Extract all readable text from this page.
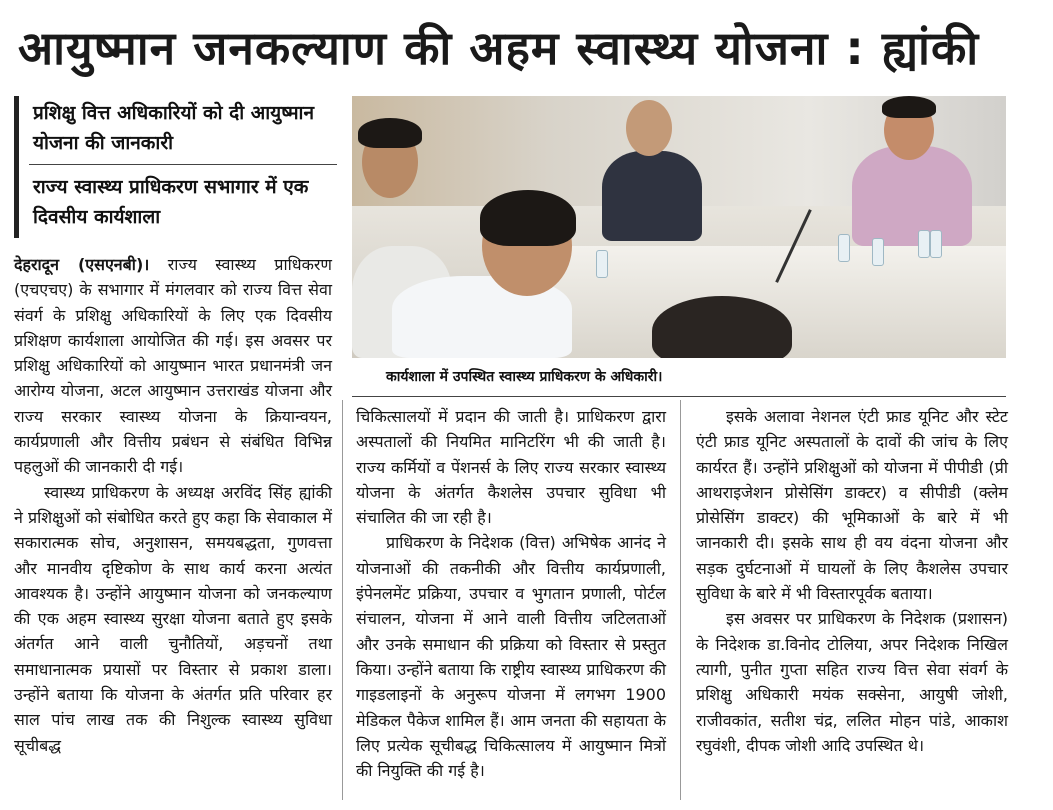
आयुष्मान जनकल्याण की अहम स्वास्थ्य योजना : ह्यांकी
प्रशिक्षु वित्त अधिकारियों को दी आयुष्मान योजना की जानकारी
राज्य स्वास्थ्य प्राधिकरण सभागार में एक दिवसीय कार्यशाला
कार्यशाला में उपस्थित स्वास्थ्य प्राधिकरण के अधिकारी।

देहरादून (एसएनबी)। राज्य स्वास्थ्य प्राधिकरण (एचएचए) के सभागार में मंगलवार को राज्य वित्त सेवा संवर्ग के प्रशिक्षु अधिकारियों के लिए एक दिवसीय प्रशिक्षण कार्यशाला आयोजित की गई। इस अवसर पर प्रशिक्षु अधिकारियों को आयुष्मान भारत प्रधानमंत्री जन आरोग्य योजना, अटल आयुष्मान उत्तराखंड योजना और राज्य सरकार स्वास्थ्य योजना के क्रियान्वयन, कार्यप्रणाली और वित्तीय प्रबंधन से संबंधित विभिन्न पहलुओं की जानकारी दी गई।

स्वास्थ्य प्राधिकरण के अध्यक्ष अरविंद सिंह ह्यांकी ने प्रशिक्षुओं को संबोधित करते हुए कहा कि सेवाकाल में सकारात्मक सोच, अनुशासन, समयबद्धता, गुणवत्ता और मानवीय दृष्टिकोण के साथ कार्य करना अत्यंत आवश्यक है। उन्होंने आयुष्मान योजना को जनकल्याण की एक अहम स्वास्थ्य सुरक्षा योजना बताते हुए इसके अंतर्गत आने वाली चुनौतियों, अड़चनों तथा समाधानात्मक प्रयासों पर विस्तार से प्रकाश डाला। उन्होंने बताया कि योजना के अंतर्गत प्रति परिवार हर साल पांच लाख तक की निशुल्क स्वास्थ्य सुविधा सूचीबद्ध

चिकित्सालयों में प्रदान की जाती है। प्राधिकरण द्वारा अस्पतालों की नियमित मानिटरिंग भी की जाती है। राज्य कर्मियों व पेंशनर्स के लिए राज्य सरकार स्वास्थ्य योजना के अंतर्गत कैशलेस उपचार सुविधा भी संचालित की जा रही है।

प्राधिकरण के निदेशक (वित्त) अभिषेक आनंद ने योजनाओं की तकनीकी और वित्तीय कार्यप्रणाली, इंपेनलमेंट प्रक्रिया, उपचार व भुगतान प्रणाली, पोर्टल संचालन, योजना में आने वाली वित्तीय जटिलताओं और उनके समाधान की प्रक्रिया को विस्तार से प्रस्तुत किया। उन्होंने बताया कि राष्ट्रीय स्वास्थ्य प्राधिकरण की गाइडलाइनों के अनुरूप योजना में लगभग 1900 मेडिकल पैकेज शामिल हैं। आम जनता की सहायता के लिए प्रत्येक सूचीबद्ध चिकित्सालय में आयुष्मान मित्रों की नियुक्ति की गई है।

इसके अलावा नेशनल एंटी फ्राड यूनिट और स्टेट एंटी फ्राड यूनिट अस्पतालों के दावों की जांच के लिए कार्यरत हैं। उन्होंने प्रशिक्षुओं को योजना में पीपीडी (प्री आथराइजेशन प्रोसेसिंग डाक्टर) व सीपीडी (क्लेम प्रोसेसिंग डाक्टर) की भूमिकाओं के बारे में भी जानकारी दी। इसके साथ ही वय वंदना योजना और सड़क दुर्घटनाओं में घायलों के लिए कैशलेस उपचार सुविधा के बारे में भी विस्तारपूर्वक बताया।

इस अवसर पर प्राधिकरण के निदेशक (प्रशासन) के निदेशक डा.विनोद टोलिया, अपर निदेशक निखिल त्यागी, पुनीत गुप्ता सहित राज्य वित्त सेवा संवर्ग के प्रशिक्षु अधिकारी मयंक सक्सेना, आयुषी जोशी, राजीवकांत, सतीश चंद्र, ललित मोहन पांडे, आकाश रघुवंशी, दीपक जोशी आदि उपस्थित थे।
